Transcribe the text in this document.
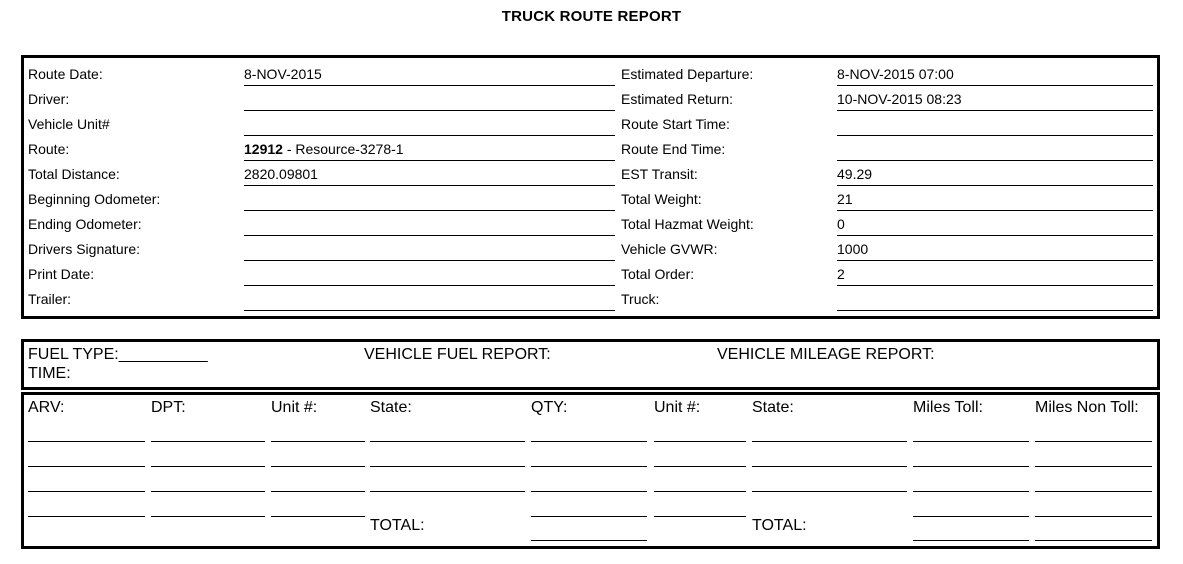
TRUCK ROUTE REPORT
Route Date:	8-NOV-2015
Driver:
Vehicle Unit#
Route:	12912 - Resource-3278-1
Total Distance:	2820.09801
Beginning Odometer:
Ending Odometer:
Drivers Signature:
Print Date:
Trailer:
Estimated Departure:	8-NOV-2015 07:00
Estimated Return:	10-NOV-2015 08:23
Route Start Time:
Route End Time:
EST Transit:	49.29
Total Weight:	21
Total Hazmat Weight:	0
Vehicle GVWR:	1000
Total Order:	2
Truck:
FUEL TYPE:__________
TIME:
VEHICLE FUEL REPORT:	VEHICLE MILEAGE REPORT:
ARV:	DPT:	Unit #:	State:	QTY:	Unit #:	State:	Miles Toll:	Miles Non Toll:
TOTAL:	TOTAL:
